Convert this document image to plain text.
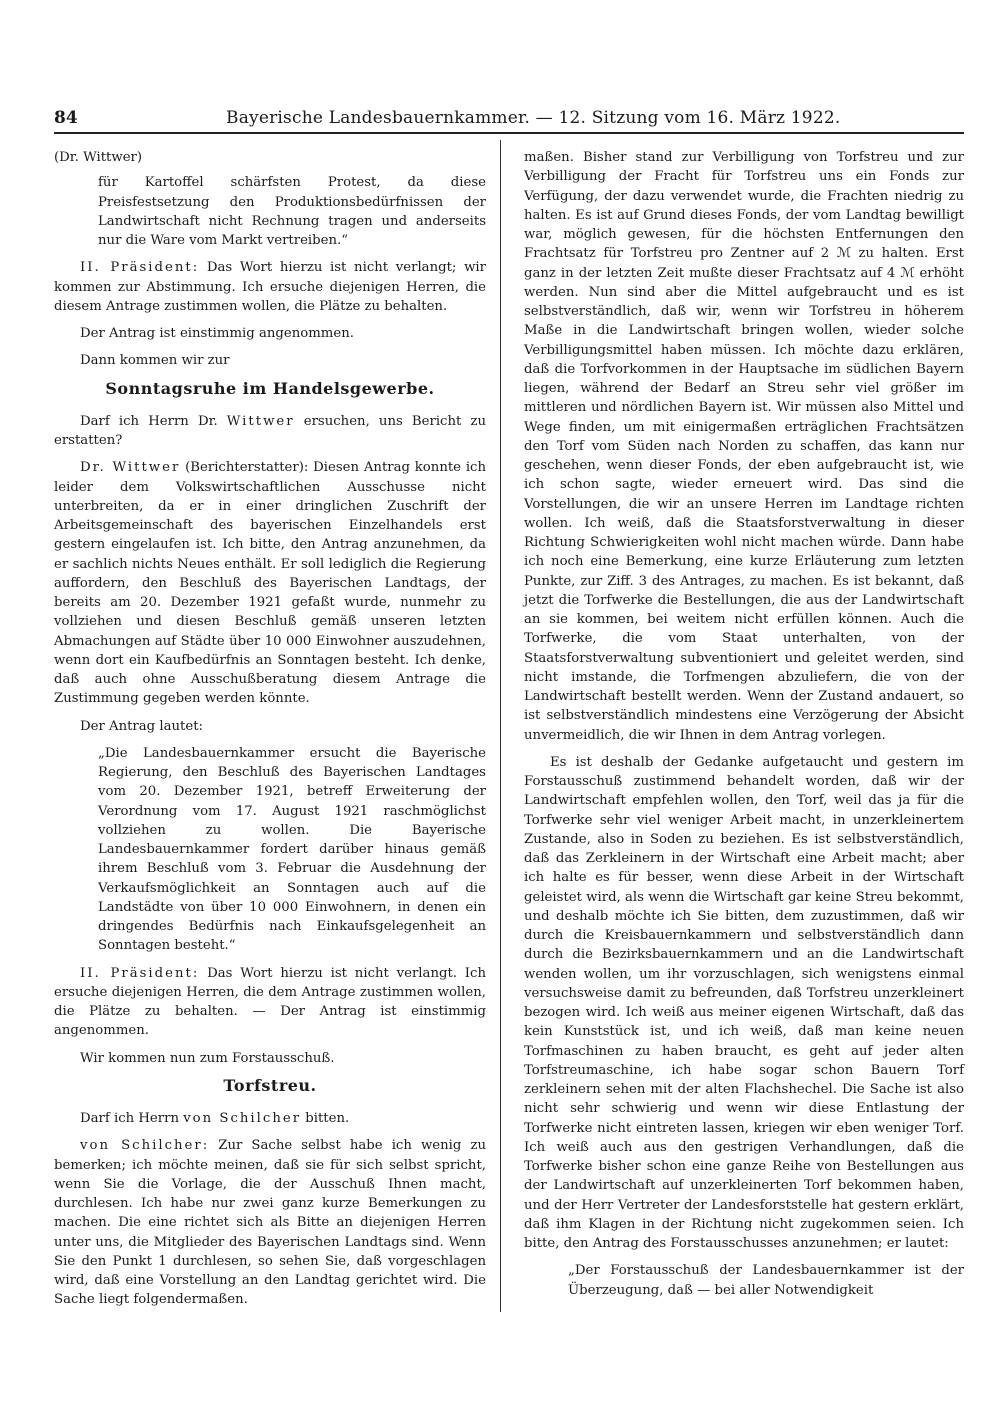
84	Bayerische Landesbauernkammer. — 12. Sitzung vom 16. März 1922.

(Dr. Wittwer)

für Kartoffel schärfsten Protest, da diese Preisfestsetzung den Produktionsbedürfnissen der Landwirtschaft nicht Rechnung tragen und anderseits nur die Ware vom Markt vertreiben.“

II. Präsident: Das Wort hierzu ist nicht verlangt; wir kommen zur Abstimmung. Ich ersuche diejenigen Herren, die diesem Antrage zustimmen wollen, die Plätze zu behalten.

Der Antrag ist einstimmig angenommen.

Dann kommen wir zur

Sonntagsruhe im Handelsgewerbe.

Darf ich Herrn Dr. Wittwer ersuchen, uns Bericht zu erstatten?

Dr. Wittwer (Berichterstatter): Diesen Antrag konnte ich leider dem Volkswirtschaftlichen Ausschusse nicht unterbreiten, da er in einer dringlichen Zuschrift der Arbeitsgemeinschaft des bayerischen Einzelhandels erst gestern eingelaufen ist. Ich bitte, den Antrag anzunehmen, da er sachlich nichts Neues enthält. Er soll lediglich die Regierung auffordern, den Beschluß des Bayerischen Landtags, der bereits am 20. Dezember 1921 gefaßt wurde, nunmehr zu vollziehen und diesen Beschluß gemäß unseren letzten Abmachungen auf Städte über 10 000 Einwohner auszudehnen, wenn dort ein Kaufbedürfnis an Sonntagen besteht. Ich denke, daß auch ohne Ausschußberatung diesem Antrage die Zustimmung gegeben werden könnte.

Der Antrag lautet:

„Die Landesbauernkammer ersucht die Bayerische Regierung, den Beschluß des Bayerischen Landtages vom 20. Dezember 1921, betreff Erweiterung der Verordnung vom 17. August 1921 raschmöglichst vollziehen zu wollen. Die Bayerische Landesbauernkammer fordert darüber hinaus gemäß ihrem Beschluß vom 3. Februar die Ausdehnung der Verkaufsmöglichkeit an Sonntagen auch auf die Landstädte von über 10 000 Einwohnern, in denen ein dringendes Bedürfnis nach Einkaufsgelegenheit an Sonntagen besteht.“

II. Präsident: Das Wort hierzu ist nicht verlangt. Ich ersuche diejenigen Herren, die dem Antrage zustimmen wollen, die Plätze zu behalten. — Der Antrag ist einstimmig angenommen.

Wir kommen nun zum Forstausschuß.

Torfstreu.

Darf ich Herrn von Schilcher bitten.

von Schilcher: Zur Sache selbst habe ich wenig zu bemerken; ich möchte meinen, daß sie für sich selbst spricht, wenn Sie die Vorlage, die der Ausschuß Ihnen macht, durchlesen. Ich habe nur zwei ganz kurze Bemerkungen zu machen. Die eine richtet sich als Bitte an diejenigen Herren unter uns, die Mitglieder des Bayerischen Landtags sind. Wenn Sie den Punkt 1 durchlesen, so sehen Sie, daß vorgeschlagen wird, daß eine Vorstellung an den Landtag gerichtet wird. Die Sache liegt folgendermaßen.

maßen. Bisher stand zur Verbilligung von Torfstreu und zur Verbilligung der Fracht für Torfstreu uns ein Fonds zur Verfügung, der dazu verwendet wurde, die Frachten niedrig zu halten. Es ist auf Grund dieses Fonds, der vom Landtag bewilligt war, möglich gewesen, für die höchsten Entfernungen den Frachtsatz für Torfstreu pro Zentner auf 2 ℳ zu halten. Erst ganz in der letzten Zeit mußte dieser Frachtsatz auf 4 ℳ erhöht werden. Nun sind aber die Mittel aufgebraucht und es ist selbstverständlich, daß wir, wenn wir Torfstreu in höherem Maße in die Landwirtschaft bringen wollen, wieder solche Verbilligungsmittel haben müssen. Ich möchte dazu erklären, daß die Torfvorkommen in der Hauptsache im südlichen Bayern liegen, während der Bedarf an Streu sehr viel größer im mittleren und nördlichen Bayern ist. Wir müssen also Mittel und Wege finden, um mit einigermaßen erträglichen Frachtsätzen den Torf vom Süden nach Norden zu schaffen, das kann nur geschehen, wenn dieser Fonds, der eben aufgebraucht ist, wie ich schon sagte, wieder erneuert wird. Das sind die Vorstellungen, die wir an unsere Herren im Landtage richten wollen. Ich weiß, daß die Staatsforstverwaltung in dieser Richtung Schwierigkeiten wohl nicht machen würde. Dann habe ich noch eine Bemerkung, eine kurze Erläuterung zum letzten Punkte, zur Ziff. 3 des Antrages, zu machen. Es ist bekannt, daß jetzt die Torfwerke die Bestellungen, die aus der Landwirtschaft an sie kommen, bei weitem nicht erfüllen können. Auch die Torfwerke, die vom Staat unterhalten, von der Staatsforstverwaltung subventioniert und geleitet werden, sind nicht imstande, die Torfmengen abzuliefern, die von der Landwirtschaft bestellt werden. Wenn der Zustand andauert, so ist selbstverständlich mindestens eine Verzögerung der Absicht unvermeidlich, die wir Ihnen in dem Antrag vorlegen.

Es ist deshalb der Gedanke aufgetaucht und gestern im Forstausschuß zustimmend behandelt worden, daß wir der Landwirtschaft empfehlen wollen, den Torf, weil das ja für die Torfwerke sehr viel weniger Arbeit macht, in unzerkleinertem Zustande, also in Soden zu beziehen. Es ist selbstverständlich, daß das Zerkleinern in der Wirtschaft eine Arbeit macht; aber ich halte es für besser, wenn diese Arbeit in der Wirtschaft geleistet wird, als wenn die Wirtschaft gar keine Streu bekommt, und deshalb möchte ich Sie bitten, dem zuzustimmen, daß wir durch die Kreisbauernkammern und selbstverständlich dann durch die Bezirksbauernkammern und an die Landwirtschaft wenden wollen, um ihr vorzuschlagen, sich wenigstens einmal versuchsweise damit zu befreunden, daß Torfstreu unzerkleinert bezogen wird. Ich weiß aus meiner eigenen Wirtschaft, daß das kein Kunststück ist, und ich weiß, daß man keine neuen Torfmaschinen zu haben braucht, es geht auf jeder alten Torfstreumaschine, ich habe sogar schon Bauern Torf zerkleinern sehen mit der alten Flachshechel. Die Sache ist also nicht sehr schwierig und wenn wir diese Entlastung der Torfwerke nicht eintreten lassen, kriegen wir eben weniger Torf. Ich weiß auch aus den gestrigen Verhandlungen, daß die Torfwerke bisher schon eine ganze Reihe von Bestellungen aus der Landwirtschaft auf unzerkleinerten Torf bekommen haben, und der Herr Vertreter der Landesforststelle hat gestern erklärt, daß ihm Klagen in der Richtung nicht zugekommen seien. Ich bitte, den Antrag des Forstausschusses anzunehmen; er lautet:

„Der Forstausschuß der Landesbauernkammer ist der Überzeugung, daß — bei aller Notwendigkeit
